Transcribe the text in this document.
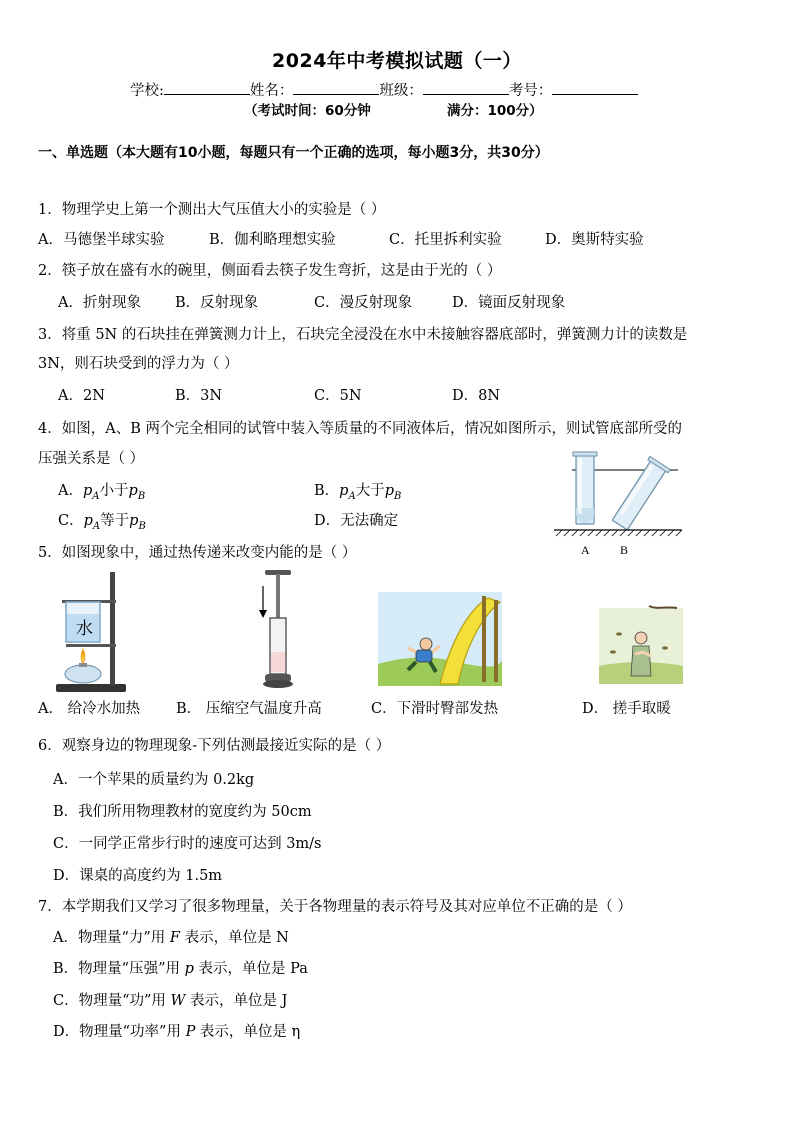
2024年中考模拟试题（一）
学校:	姓名：	班级：	考号：
（考试时间：60分钟	满分：100分）
一、单选题（本大题有10小题，每题只有一个正确的选项，每小题3分，共30分）
1．物理学史上第一个测出大气压值大小的实验是（ ）
A．马德堡半球实验	B．伽利略理想实验	C．托里拆利实验	D．奥斯特实验
2．筷子放在盛有水的碗里，侧面看去筷子发生弯折，这是由于光的（ ）
A．折射现象 B．反射现象	C．漫反射现象	D．镜面反射现象
3．将重 5N 的石块挂在弹簧测力计上，石块完全浸没在水中未接触容器底部时，弹簧测力计的读数是
3N，则石块受到的浮力为（ ）
A．2N	B．3N	C．5N	D．8N
4．如图，A、B 两个完全相同的试管中装入等质量的不同液体后，情况如图所示，则试管底部所受的
压强关系是（ ）
A．$p_A$小于$p_B$	B．$p_A$大于$p_B$
C．$p_A$等于$p_B$	D．无法确定
A	B
5．如图现象中，通过热传递来改变内能的是（ ）
水
A． 给冷水加热 B． 压缩空气温度升高	C．下滑时臀部发热	D． 搓手取暖
6．观察身边的物理现象-下列估测最接近实际的是（ ）
A．一个苹果的质量约为 0.2kg
B．我们所用物理教材的宽度约为 50cm
C．一同学正常步行时的速度可达到 3m/s
D．课桌的高度约为 1.5m
7．本学期我们又学习了很多物理量，关于各物理量的表示符号及其对应单位不正确的是（ ）
A．物理量“力”用 F 表示，单位是 N
B．物理量“压强”用 p 表示，单位是 Pa
C．物理量“功”用 W 表示，单位是 J
D．物理量“功率”用 P 表示，单位是 η
